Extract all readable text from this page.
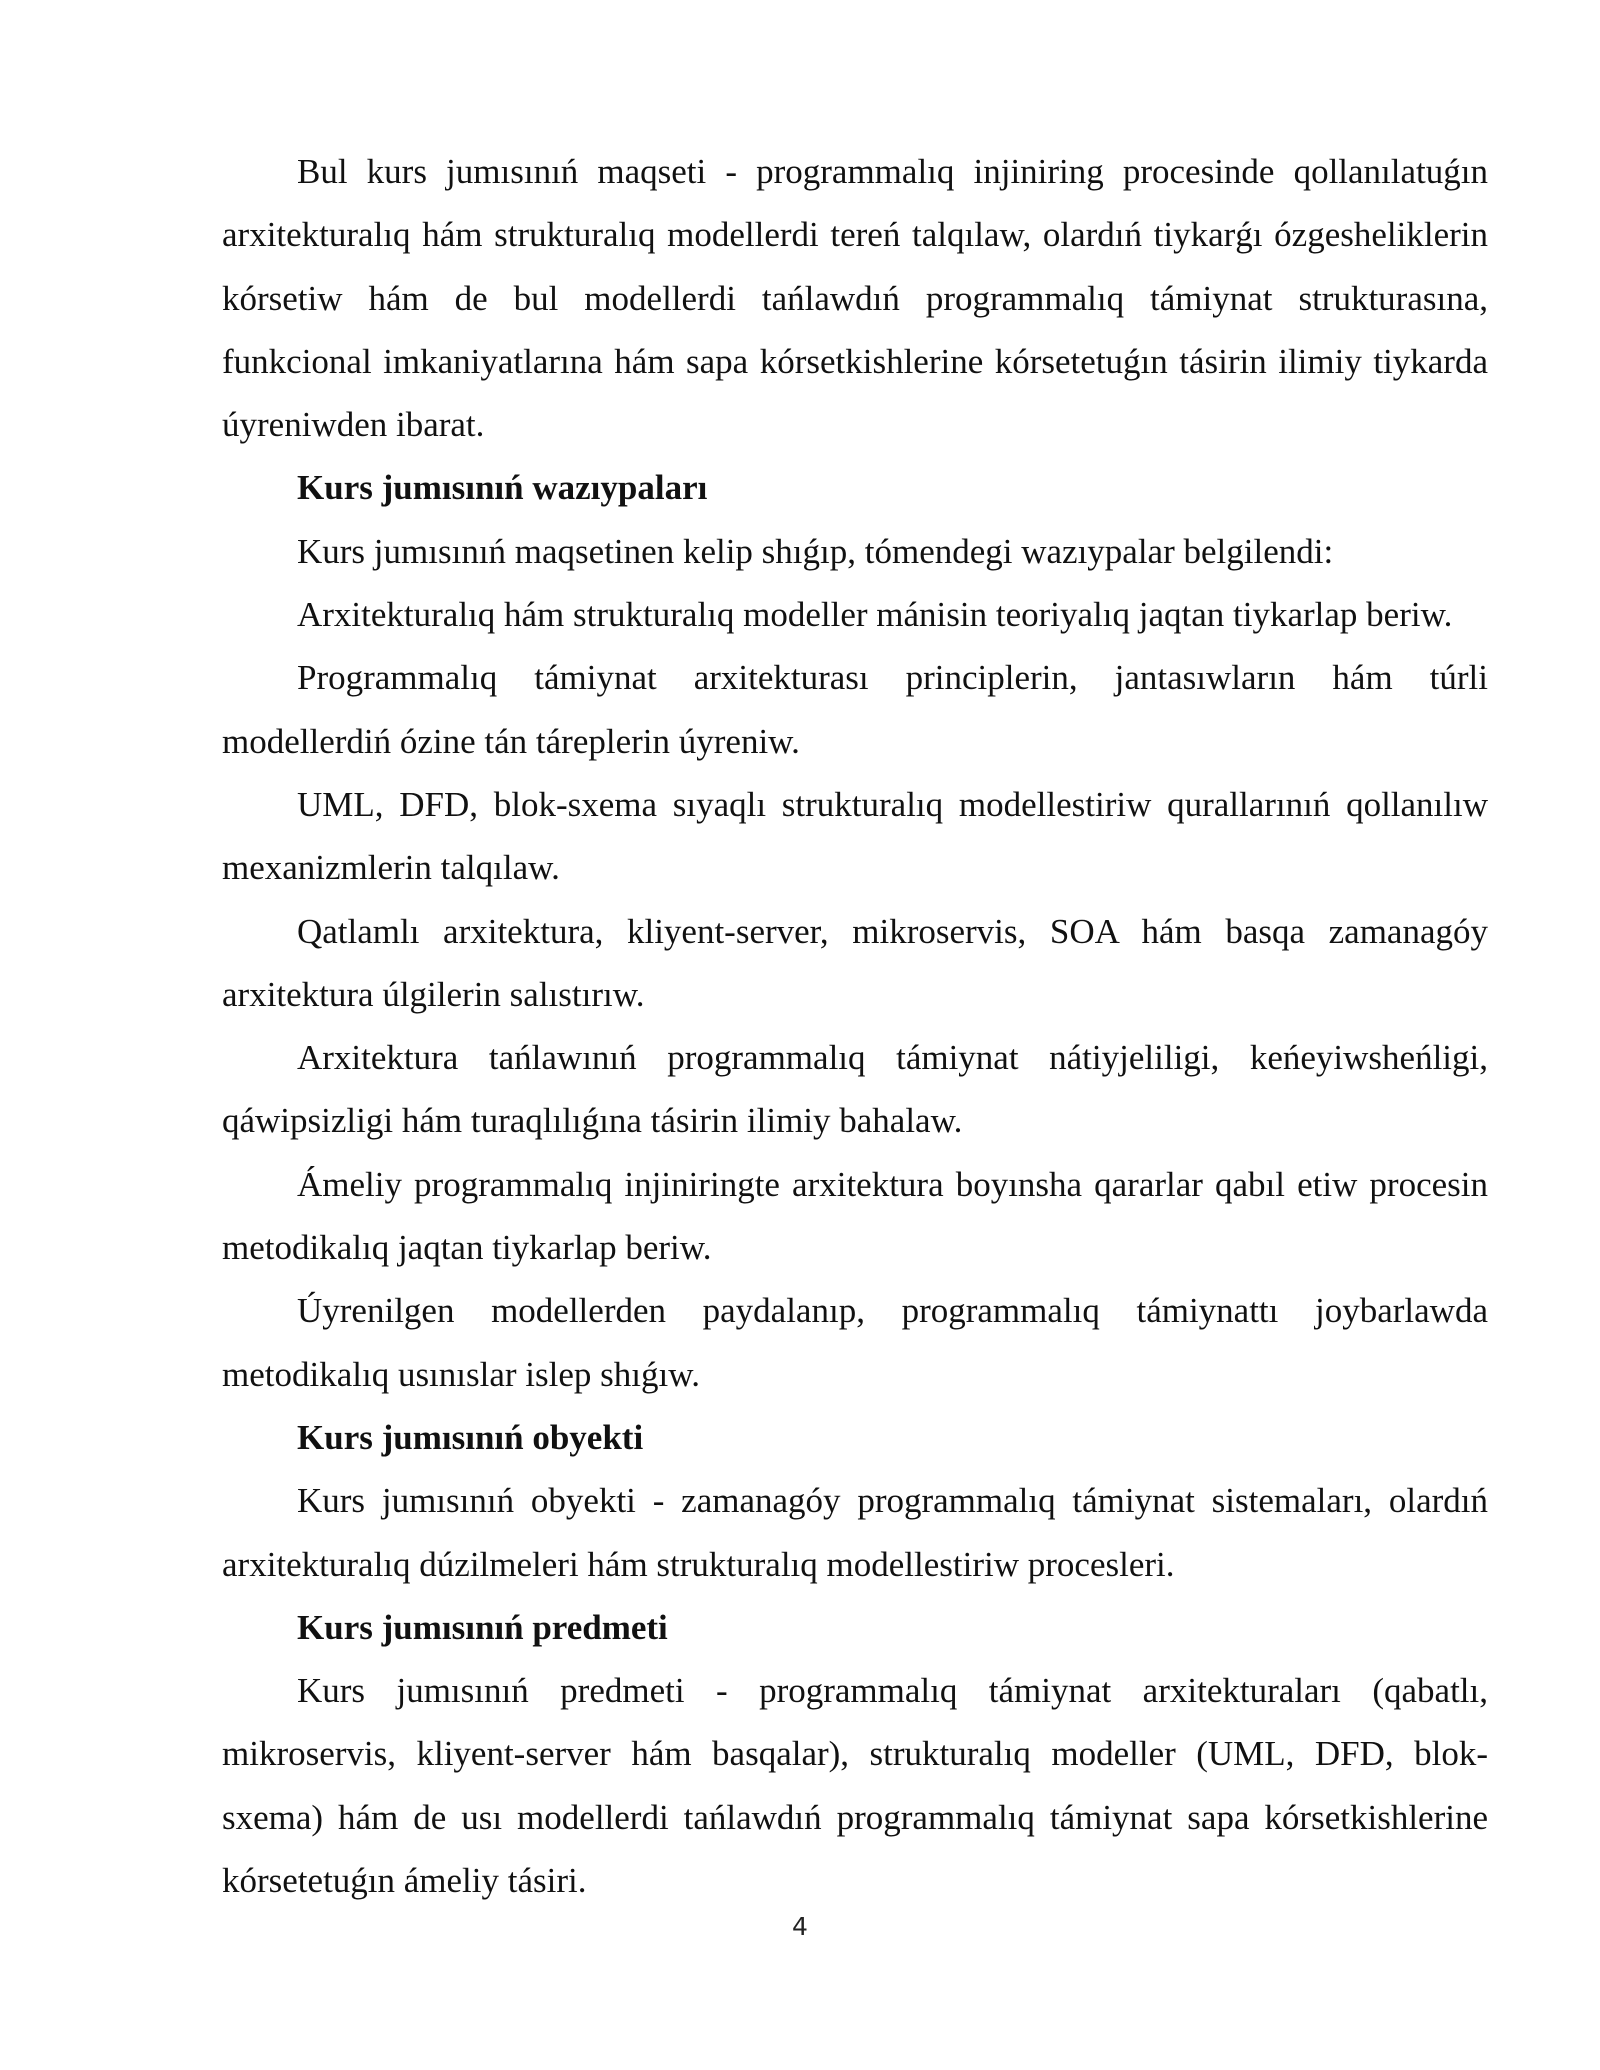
Bul kurs jumısınıń maqseti - programmalıq injiniring procesinde qollanılatuǵın arxitekturalıq hám strukturalıq modellerdi tereń talqılaw, olardıń tiykarǵı ózgesheliklerin kórsetiw hám de bul modellerdi tańlawdıń programmalıq támiynat strukturasına, funkcional imkaniyatlarına hám sapa kórsetkishlerine kórsetetuǵın tásirin ilimiy tiykarda úyreniwden ibarat.

Kurs jumısınıń wazıypaları

Kurs jumısınıń maqsetinen kelip shıǵıp, tómendegi wazıypalar belgilendi:

Arxitekturalıq hám strukturalıq modeller mánisin teoriyalıq jaqtan tiykarlap beriw.

Programmalıq támiynat arxitekturası principlerin, jantasıwların hám túrli modellerdiń ózine tán táreplerin úyreniw.

UML, DFD, blok-sxema sıyaqlı strukturalıq modellestiriw qurallarınıń qollanılıw mexanizmlerin talqılaw.

Qatlamlı arxitektura, kliyent-server, mikroservis, SOA hám basqa zamanagóy arxitektura úlgilerin salıstırıw.

Arxitektura tańlawınıń programmalıq támiynat nátiyjeliligi, keńeyiwsheńligi, qáwipsizligi hám turaqlılıǵına tásirin ilimiy bahalaw.

Ámeliy programmalıq injiniringte arxitektura boyınsha qararlar qabıl etiw procesin metodikalıq jaqtan tiykarlap beriw.

Úyrenilgen modellerden paydalanıp, programmalıq támiynattı joybarlawda metodikalıq usınıslar islep shıǵıw.

Kurs jumısınıń obyekti

Kurs jumısınıń obyekti - zamanagóy programmalıq támiynat sistemaları, olardıń arxitekturalıq dúzilmeleri hám strukturalıq modellestiriw procesleri.

Kurs jumısınıń predmeti

Kurs jumısınıń predmeti - programmalıq támiynat arxitekturaları (qabatlı, mikroservis, kliyent-server hám basqalar), strukturalıq modeller (UML, DFD, blok-sxema) hám de usı modellerdi tańlawdıń programmalıq támiynat sapa kórsetkishlerine kórsetetuǵın ámeliy tásiri.

4
